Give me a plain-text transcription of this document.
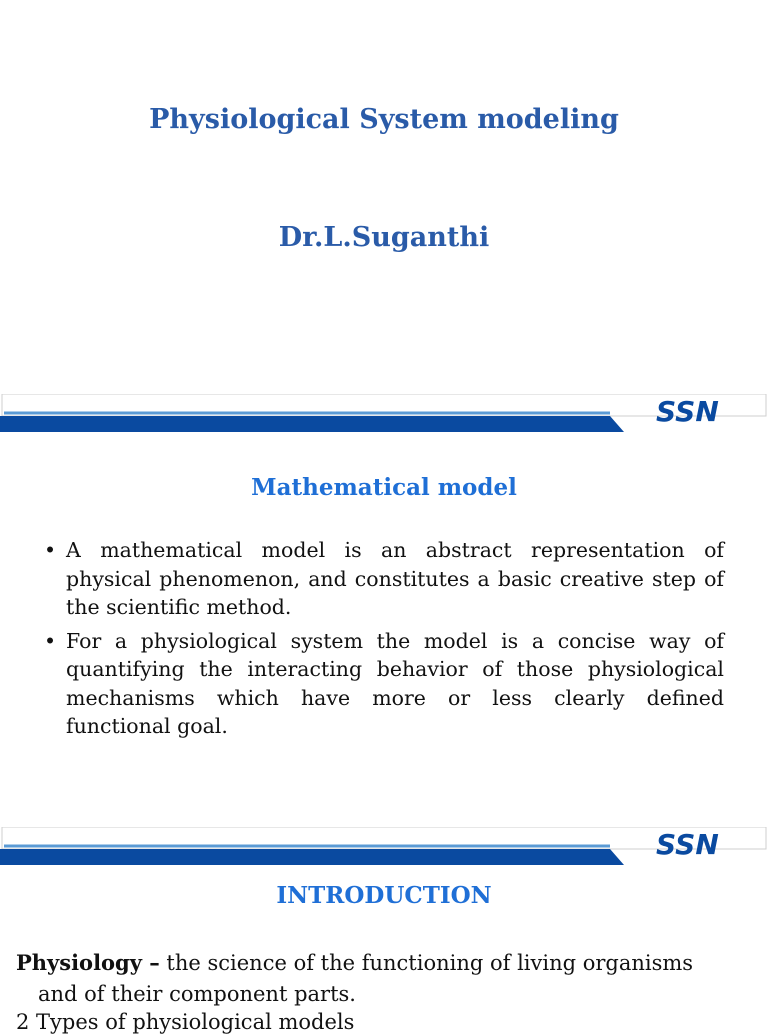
Physiological System modeling
Dr.L.Suganthi
SSN
Mathematical model
• A mathematical model is an abstract representation of physical phenomenon, and constitutes a basic creative step of the scientific method.
• For a physiological system the model is a concise way of quantifying the interacting behavior of those physiological mechanisms which have more or less clearly defined functional goal.
SSN
INTRODUCTION
Physiology – the science of the functioning of living organisms
and of their component parts.
2 Types of physiological models
